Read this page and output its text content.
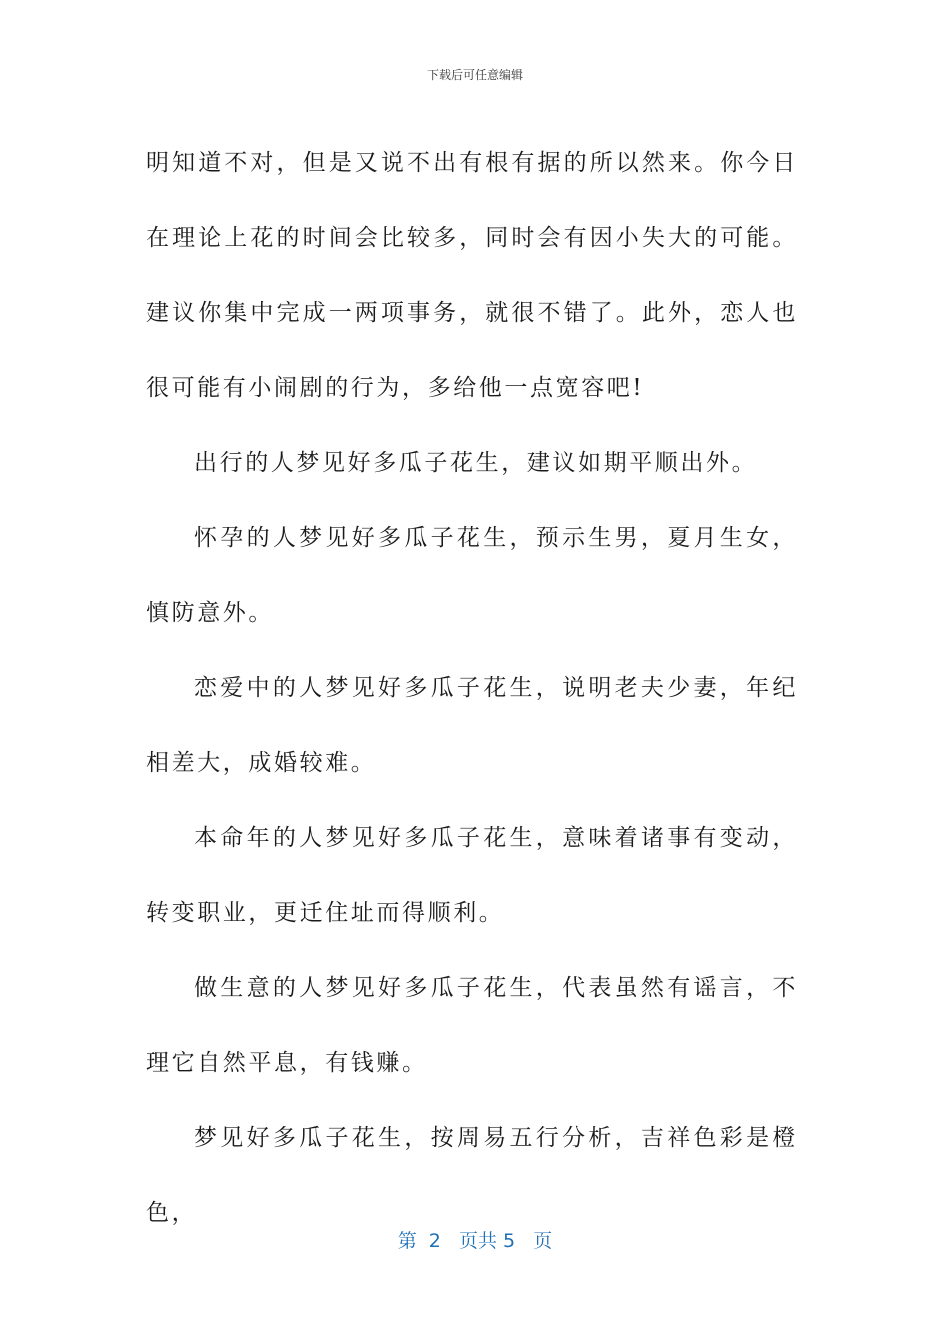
下载后可任意编辑

明知道不对，但是又说不出有根有据的所以然来。你今日在理论上花的时间会比较多，同时会有因小失大的可能。建议你集中完成一两项事务，就很不错了。此外，恋人也很可能有小闹剧的行为，多给他一点宽容吧!

出行的人梦见好多瓜子花生，建议如期平顺出外。

怀孕的人梦见好多瓜子花生，预示生男，夏月生女，慎防意外。

恋爱中的人梦见好多瓜子花生，说明老夫少妻，年纪相差大，成婚较难。

本命年的人梦见好多瓜子花生，意味着诸事有变动，转变职业，更迁住址而得顺利。

做生意的人梦见好多瓜子花生，代表虽然有谣言，不理它自然平息，有钱赚。

梦见好多瓜子花生，按周易五行分析，吉祥色彩是橙色，

第  2   页共 5   页
